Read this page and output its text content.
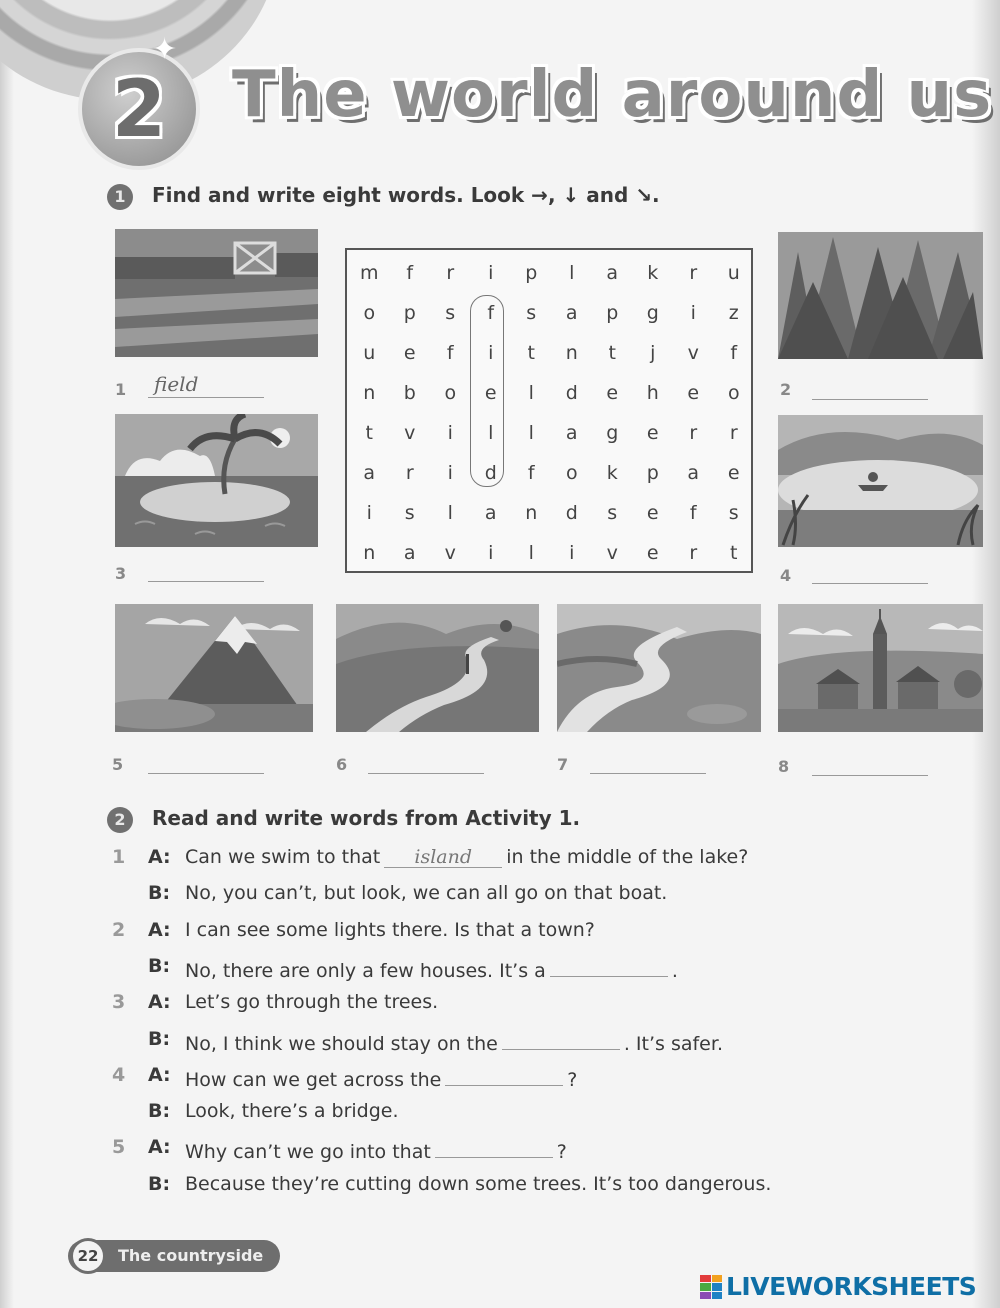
2
✦
The world around us
1	Find and write eight words. Look →, ↓ and ↘.
1	field	2
3	4
m	f	r	i	p	l	a	k	r	u
o	p	s	f	s	a	p	g	i	z
u	e	f	i	t	n	t	j	v	f
n	b	o	e	l	d	e	h	e	o
t	v	i	l	l	a	g	e	r	r
a	r	i	d	f	o	k	p	a	e
i	s	l	a	n	d	s	e	f	s
n	a	v	i	l	i	v	e	r	t
5	6	7	8
2	Read and write words from Activity 1.
1	A: Can we swim to that island in the middle of the lake?
B: No, you can’t, but look, we can all go on that boat.
2	A: I can see some lights there. Is that a town?
B: No, there are only a few houses. It’s a	.
3	A: Let’s go through the trees.
B: No, I think we should stay on the	. It’s safer.
4	A: How can we get across the	?
B: Look, there’s a bridge.
5	A: Why can’t we go into that	?
B: Because they’re cutting down some trees. It’s too dangerous.
22	The countryside
LIVEWORKSHEETS
